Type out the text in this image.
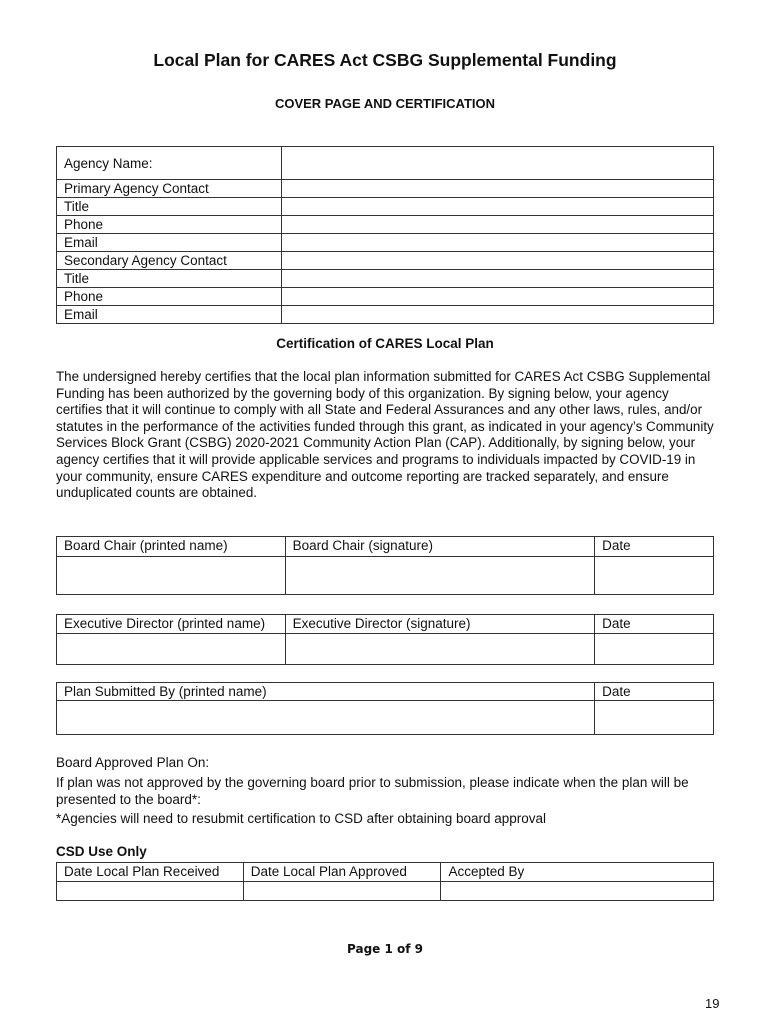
Local Plan for CARES Act CSBG Supplemental Funding
COVER PAGE AND CERTIFICATION
Agency Name:	
Primary Agency Contact	
Title	
Phone	
Email	
Secondary Agency Contact	
Title	
Phone	
Email	
Certification of CARES Local Plan
The undersigned hereby certifies that the local plan information submitted for CARES Act CSBG Supplemental Funding has been authorized by the governing body of this organization. By signing below, your agency certifies that it will continue to comply with all State and Federal Assurances and any other laws, rules, and/or statutes in the performance of the activities funded through this grant, as indicated in your agency’s Community Services Block Grant (CSBG) 2020-2021 Community Action Plan (CAP). Additionally, by signing below, your agency certifies that it will provide applicable services and programs to individuals impacted by COVID-19 in your community, ensure CARES expenditure and outcome reporting are tracked separately, and ensure unduplicated counts are obtained.
Board Chair (printed name)	Board Chair (signature)	Date

Executive Director (printed name)	Executive Director (signature)	Date

Plan Submitted By (printed name)	Date

Board Approved Plan On:
If plan was not approved by the governing board prior to submission, please indicate when the plan will be presented to the board*:
*Agencies will need to resubmit certification to CSD after obtaining board approval
CSD Use Only
Date Local Plan Received	Date Local Plan Approved	Accepted By

Page 1 of 9
19
